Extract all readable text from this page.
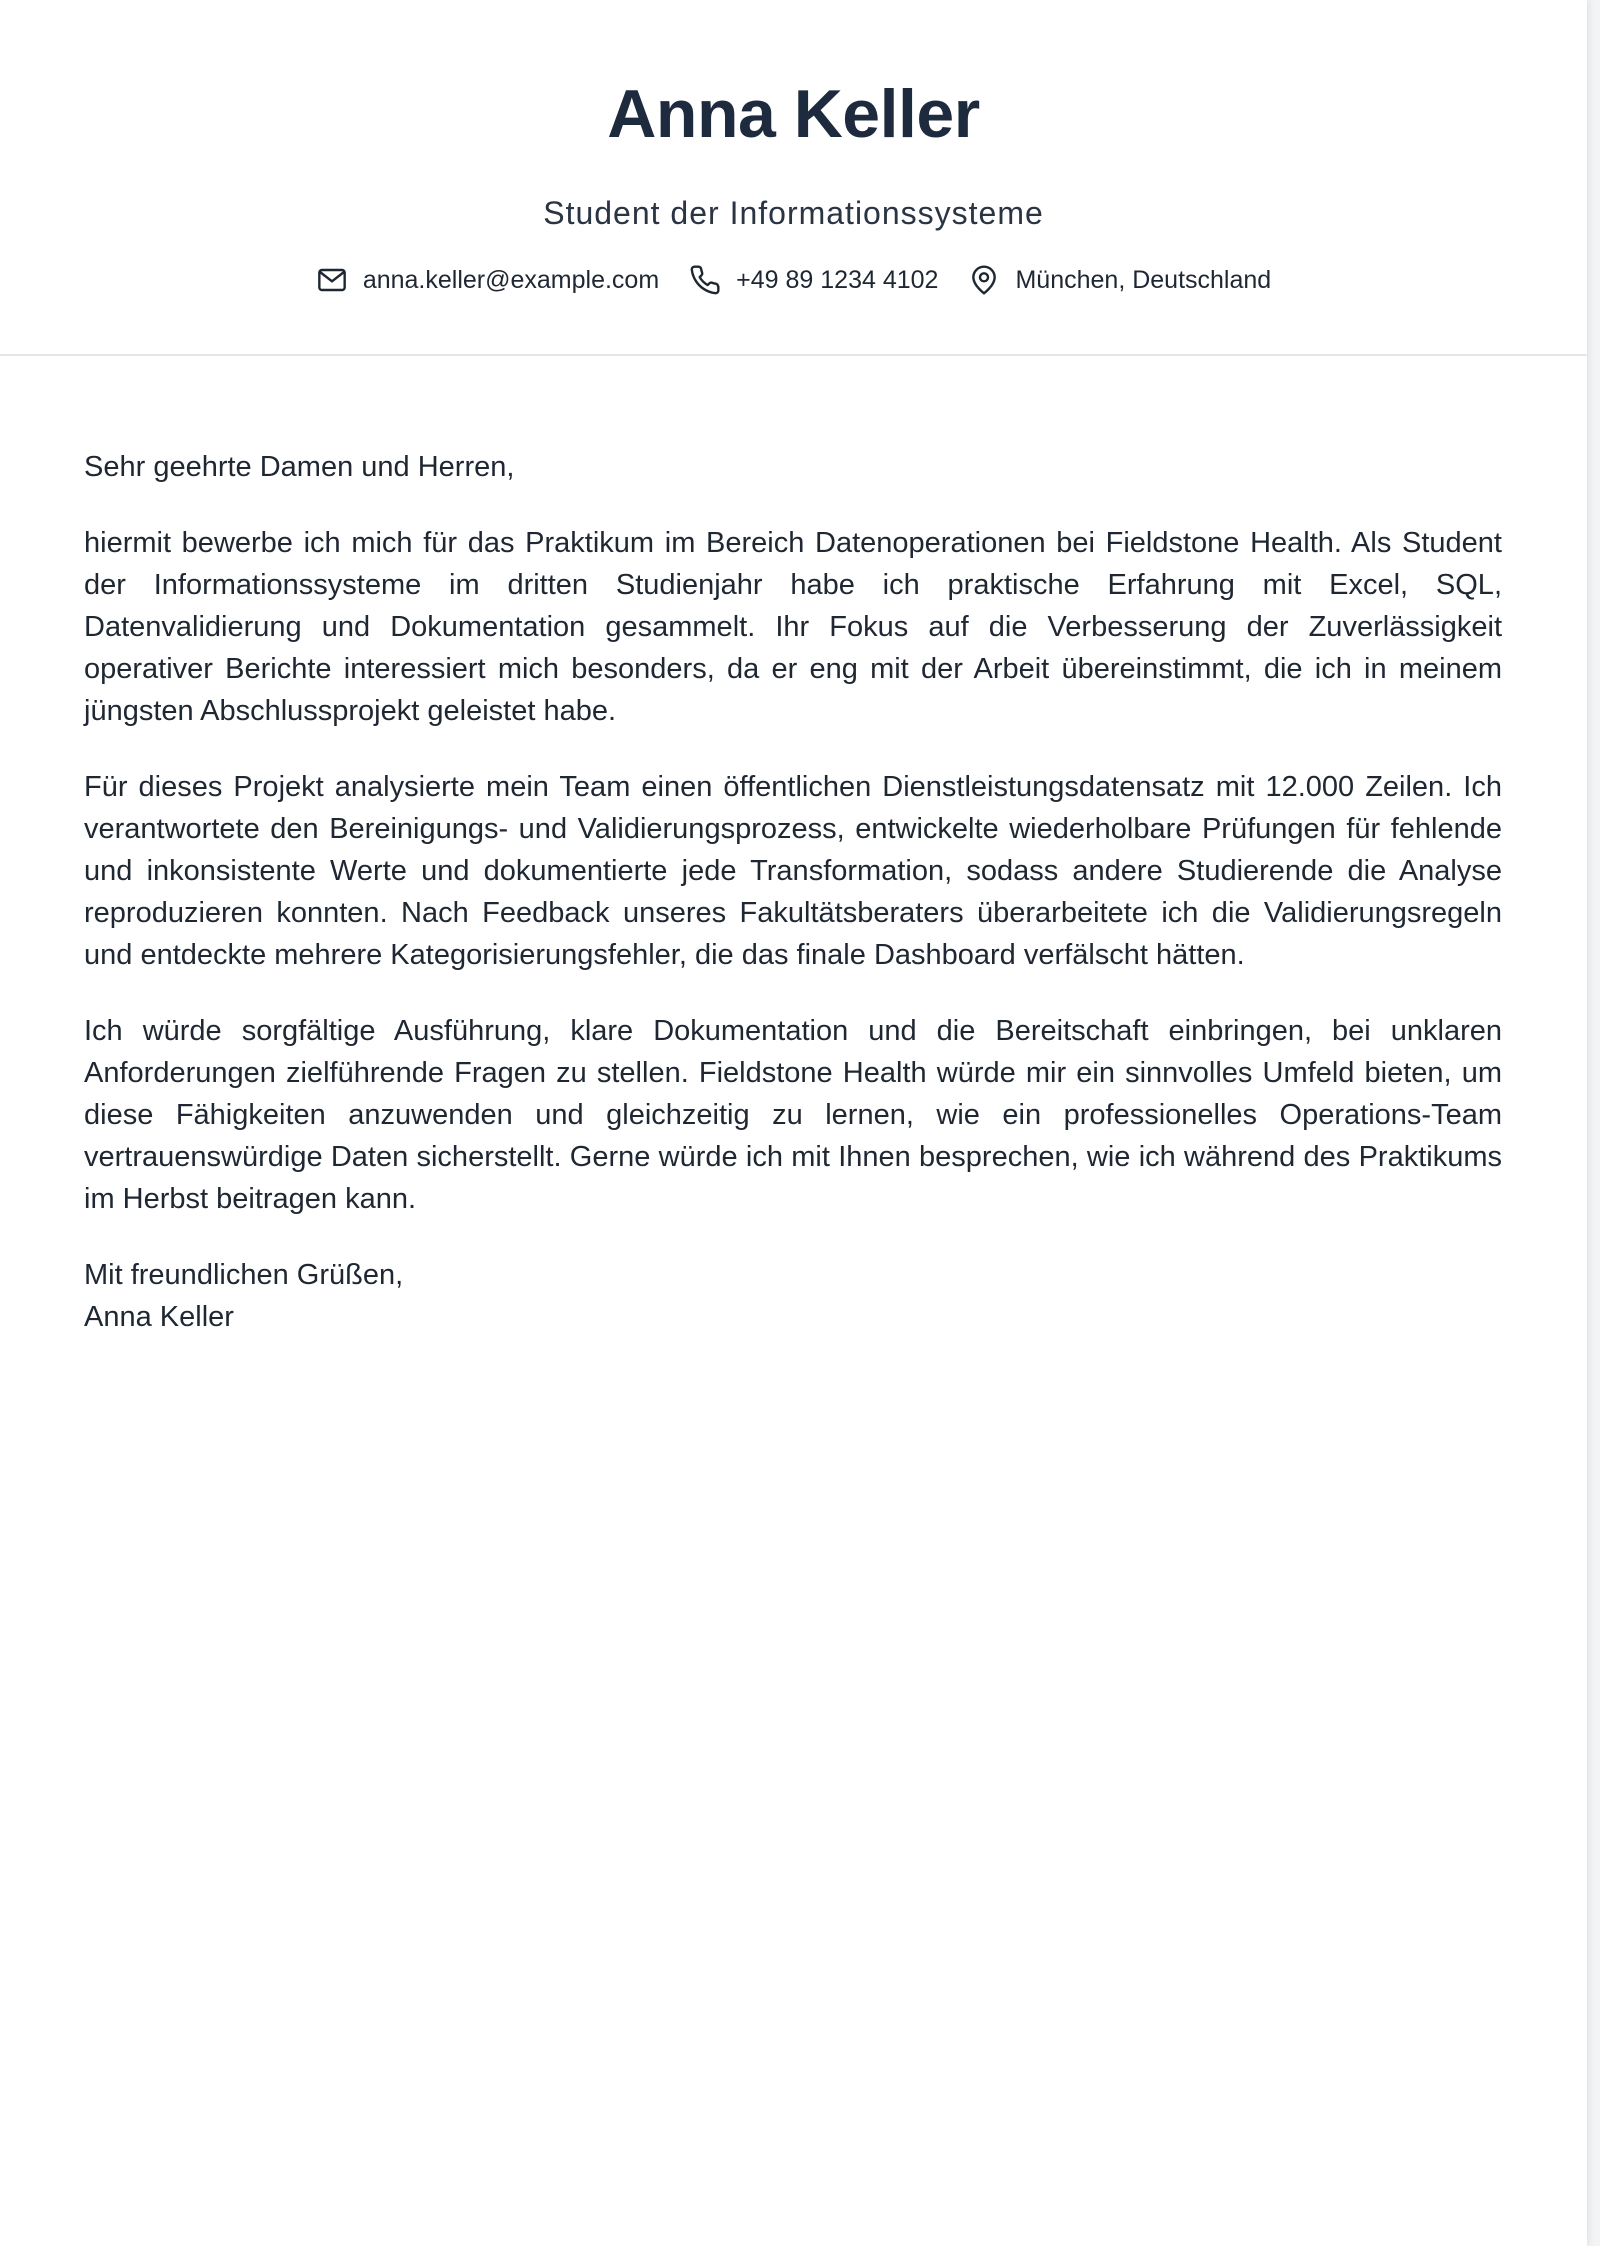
Anna Keller
Student der Informationssysteme
anna.keller@example.com	+49 89 1234 4102	München, Deutschland

Sehr geehrte Damen und Herren,

hiermit bewerbe ich mich für das Praktikum im Bereich Datenoperationen bei Fieldstone Health. Als Student der Informationssysteme im dritten Studienjahr habe ich praktische Erfahrung mit Excel, SQL, Datenvalidierung und Dokumentation gesammelt. Ihr Fokus auf die Verbesserung der Zuverlässigkeit operativer Berichte interessiert mich besonders, da er eng mit der Arbeit übereinstimmt, die ich in meinem jüngsten Abschlussprojekt geleistet habe.

Für dieses Projekt analysierte mein Team einen öffentlichen Dienstleistungsdatensatz mit 12.000 Zeilen. Ich verantwortete den Bereinigungs- und Validierungsprozess, entwickelte wiederholbare Prüfungen für fehlende und inkonsistente Werte und dokumentierte jede Transformation, sodass andere Studierende die Analyse reproduzieren konnten. Nach Feedback unseres Fakultätsberaters überarbeitete ich die Validierungsregeln und entdeckte mehrere Kategorisierungsfehler, die das finale Dashboard verfälscht hätten.

Ich würde sorgfältige Ausführung, klare Dokumentation und die Bereitschaft einbringen, bei unklaren Anforderungen zielführende Fragen zu stellen. Fieldstone Health würde mir ein sinnvolles Umfeld bieten, um diese Fähigkeiten anzuwenden und gleichzeitig zu lernen, wie ein professionelles Operations-Team vertrauenswürdige Daten sicherstellt. Gerne würde ich mit Ihnen besprechen, wie ich während des Praktikums im Herbst beitragen kann.

Mit freundlichen Grüßen,
Anna Keller
